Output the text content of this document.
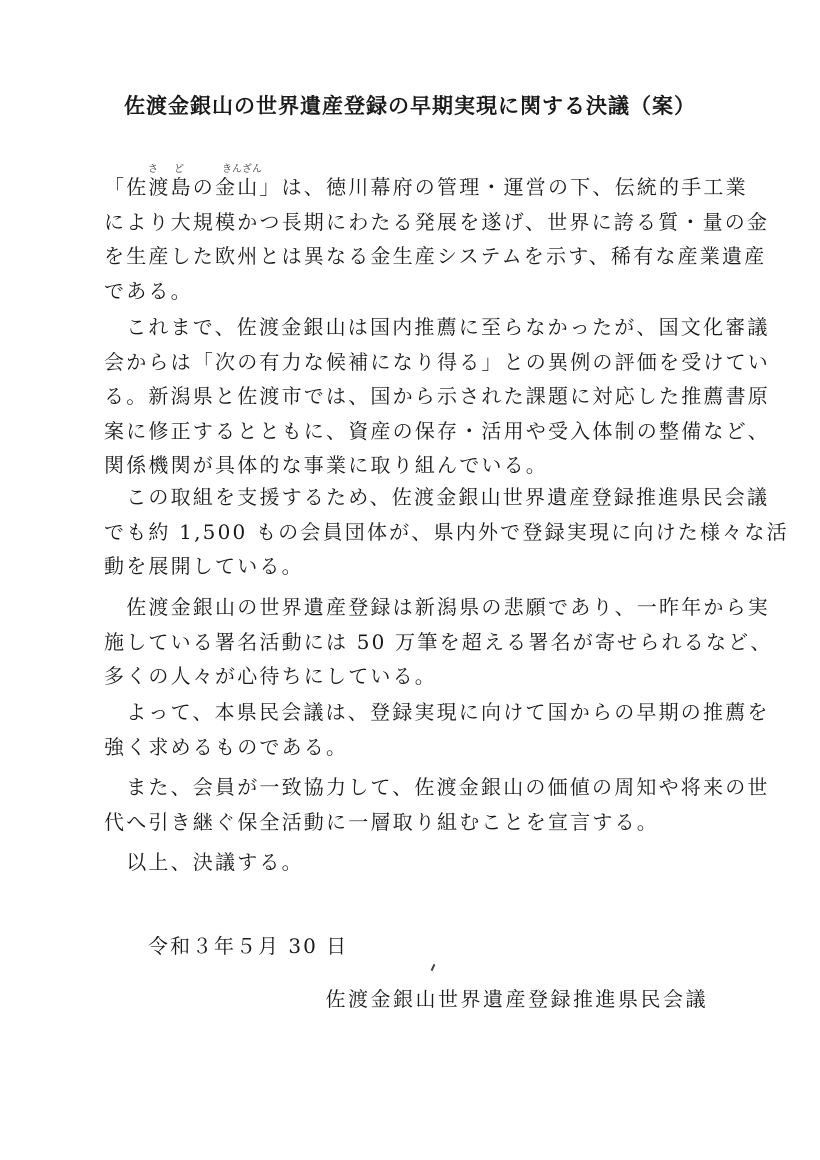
佐渡金銀山の世界遺産登録の早期実現に関する決議（案）
さ ど	きん ざん
「佐渡島の金山」は、徳川幕府の管理・運営の下、伝統的手工業
により大規模かつ長期にわたる発展を遂げ、世界に誇る質・量の金
を生産した欧州とは異なる金生産システムを示す、稀有な産業遺産
である。
　これまで、佐渡金銀山は国内推薦に至らなかったが、国文化審議
会からは「次の有力な候補になり得る」との異例の評価を受けてい
る。新潟県と佐渡市では、国から示された課題に対応した推薦書原
案に修正するとともに、資産の保存・活用や受入体制の整備など、
関係機関が具体的な事業に取り組んでいる。
　この取組を支援するため、佐渡金銀山世界遺産登録推進県民会議
でも約 1,500 もの会員団体が、県内外で登録実現に向けた様々な活
動を展開している。
　佐渡金銀山の世界遺産登録は新潟県の悲願であり、一昨年から実
施している署名活動には 50 万筆を超える署名が寄せられるなど、
多くの人々が心待ちにしている。
　よって、本県民会議は、登録実現に向けて国からの早期の推薦を
強く求めるものである。
　また、会員が一致協力して、佐渡金銀山の価値の周知や将来の世
代へ引き継ぐ保全活動に一層取り組むことを宣言する。
　以上、決議する。
令和３年５月 30 日
佐渡金銀山世界遺産登録推進県民会議
